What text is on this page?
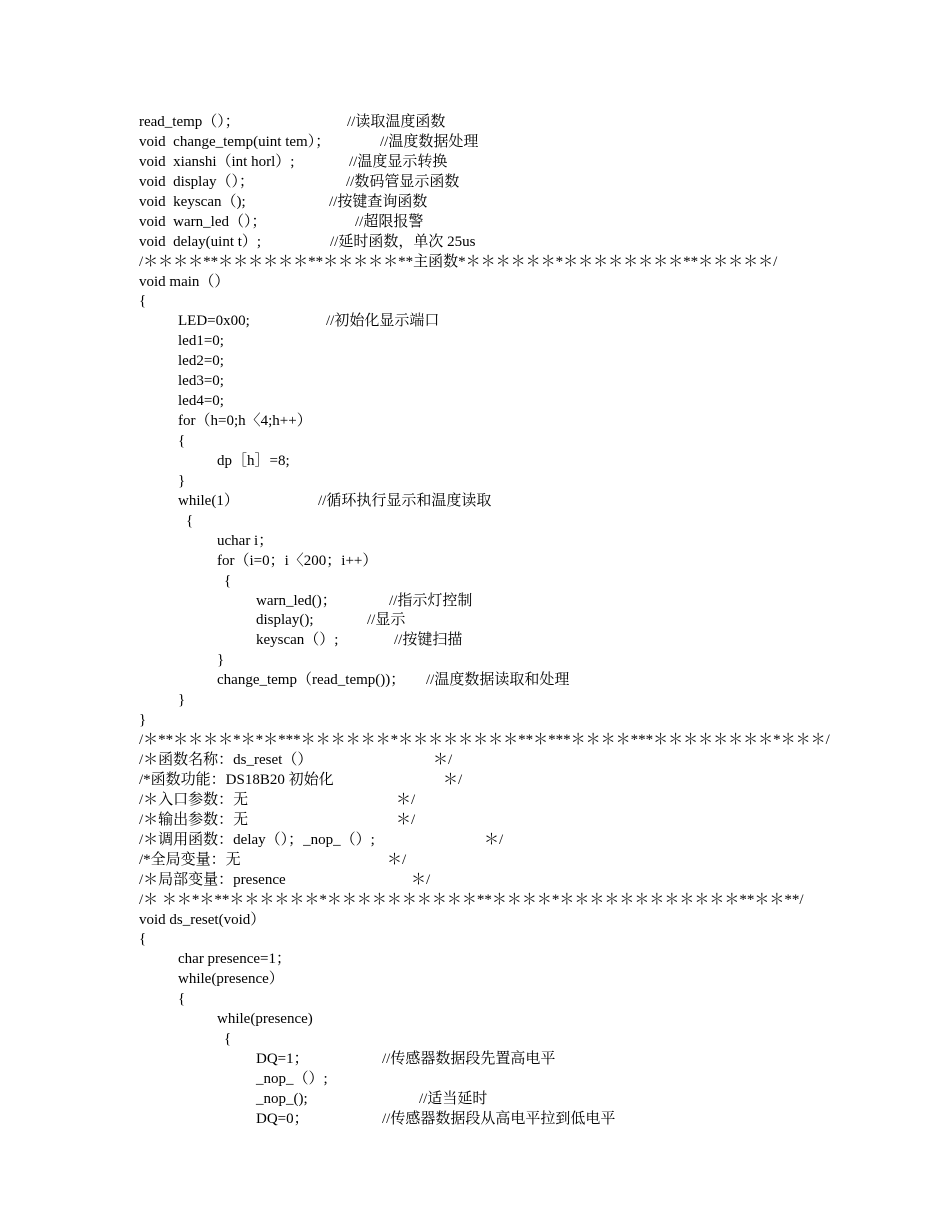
read_temp（）；	//读取温度函数
void  change_temp(uint tem）；	//温度数据处理
void  xianshi（int horl）;	//温度显示转换
void  display（）；	//数码管显示函数
void  keyscan（);	//按键查询函数
void  warn_led（）；	//超限报警
void  delay(uint t）;	//延时函数，单次 25us
/＊＊＊＊**＊＊＊＊＊＊**＊＊＊＊＊**主函数*＊＊＊＊＊＊*＊＊＊＊＊＊＊＊**＊＊＊＊＊/
void main（）
{
LED=0x00;	//初始化显示端口
led1=0;
led2=0;
led3=0;
led4=0;
for（h=0;h〈4;h++）
{
dp［h］=8;
}
while(1）	//循环执行显示和温度读取
{
uchar i；
for（i=0；i〈200；i++）
{
warn_led()；	//指示灯控制
display();	//显示
keyscan（）;	//按键扫描
}
change_temp（read_temp())； //温度数据读取和处理
}
}
/＊**＊＊＊＊*＊*＊***＊＊＊＊＊＊*＊＊＊＊＊＊＊＊**＊***＊＊＊＊***＊＊＊＊＊＊＊＊*＊＊＊/
/＊函数名称：ds_reset（）	＊/
/*函数功能：DS18B20 初始化	＊/
/＊入口参数：无	＊/
/＊输出参数：无	＊/
/＊调用函数：delay（）；_nop_（）;	＊/
/*全局变量：无	＊/
/＊局部变量：presence	＊/
/＊ ＊＊*＊**＊＊＊＊＊＊*＊＊＊＊＊＊＊＊＊＊**＊＊＊＊*＊＊＊＊＊＊＊＊＊＊＊＊**＊＊**/
void ds_reset(void）
{
char presence=1；
while(presence）
{
while(presence)
{
DQ=1；	//传感器数据段先置高电平
_nop_（）;
_nop_();	//适当延时
DQ=0；	//传感器数据段从高电平拉到低电平
